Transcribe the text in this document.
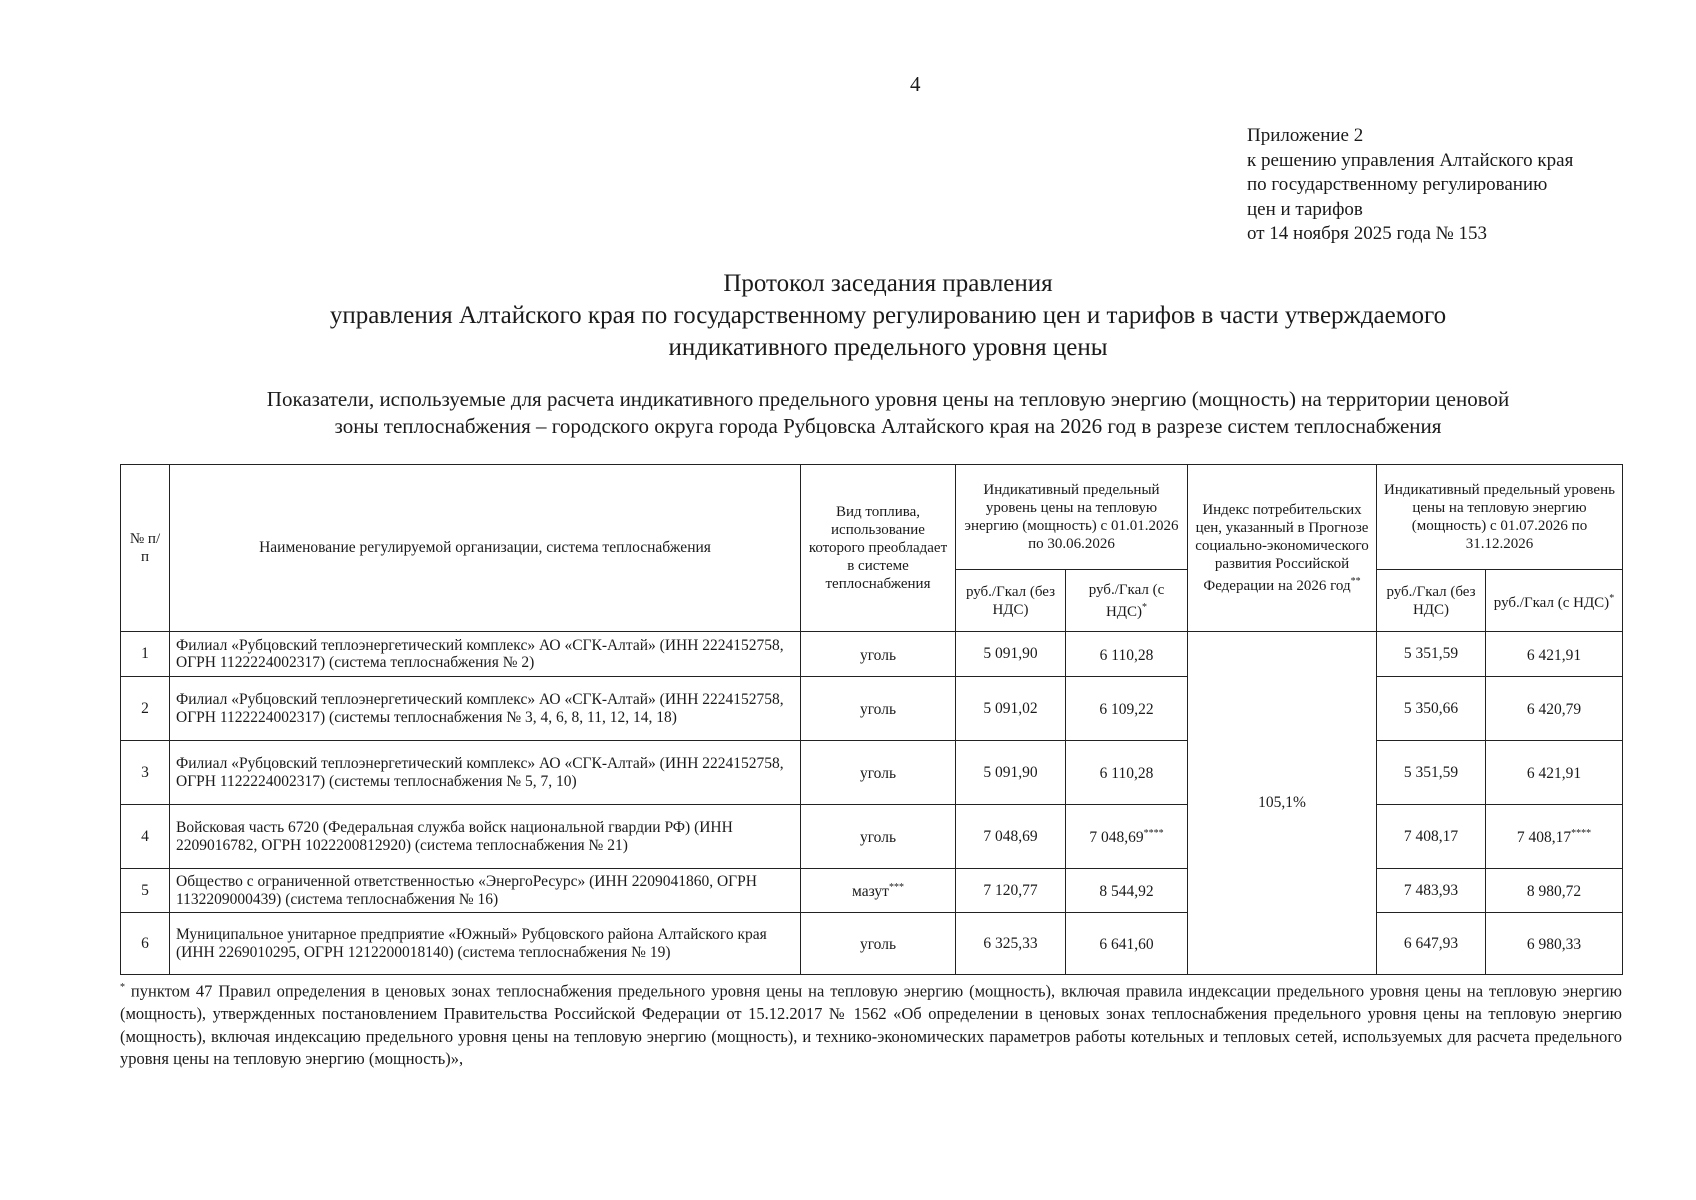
4
Приложение 2
к решению управления Алтайского края
по государственному регулированию
цен и тарифов
от 14 ноября 2025 года № 153
Протокол заседания правления
управления Алтайского края по государственному регулированию цен и тарифов в части утверждаемого
индикативного предельного уровня цены
Показатели, используемые для расчета индикативного предельного уровня цены на тепловую энергию (мощность) на территории ценовой
зоны теплоснабжения – городского округа города Рубцовска Алтайского края на 2026 год в разрезе систем теплоснабжения
№ п/п	Наименование регулируемой организации, система теплоснабжения	Вид топлива, использование которого преобладает в системе теплоснабжения	Индикативный предельный уровень цены на тепловую энергию (мощность) с 01.01.2026 по 30.06.2026		Индекс потребительских цен, указанный в Прогнозе социально-экономического развития Российской Федерации на 2026 год**	Индикативный предельный уровень цены на тепловую энергию (мощность) с 01.07.2026 по 31.12.2026	
			руб./Гкал (без НДС)	руб./Гкал (с НДС)*		руб./Гкал (без НДС)	руб./Гкал (с НДС)*
1	Филиал «Рубцовский теплоэнергетический комплекс» АО «СГК-Алтай» (ИНН 2224152758, ОГРН 1122224002317) (система теплоснабжения № 2)	уголь	5 091,90	6 110,28	105,1%	5 351,59	6 421,91
2	Филиал «Рубцовский теплоэнергетический комплекс» АО «СГК-Алтай» (ИНН 2224152758, ОГРН 1122224002317) (системы теплоснабжения № 3, 4, 6, 8, 11, 12, 14, 18)	уголь	5 091,02	6 109,22		5 350,66	6 420,79
3	Филиал «Рубцовский теплоэнергетический комплекс» АО «СГК-Алтай» (ИНН 2224152758, ОГРН 1122224002317) (системы теплоснабжения № 5, 7, 10)	уголь	5 091,90	6 110,28		5 351,59	6 421,91
4	Войсковая часть 6720 (Федеральная служба войск национальной гвардии РФ) (ИНН 2209016782, ОГРН 1022200812920) (система теплоснабжения № 21)	уголь	7 048,69	7 048,69****		7 408,17	7 408,17****
5	Общество с ограниченной ответственностью «ЭнергоРесурс» (ИНН 2209041860, ОГРН 1132209000439) (система теплоснабжения № 16)	мазут***	7 120,77	8 544,92		7 483,93	8 980,72
6	Муниципальное унитарное предприятие «Южный» Рубцовского района Алтайского края (ИНН 2269010295, ОГРН 1212200018140) (система теплоснабжения № 19)	уголь	6 325,33	6 641,60		6 647,93	6 980,33
* пунктом 47 Правил определения в ценовых зонах теплоснабжения предельного уровня цены на тепловую энергию (мощность), включая правила индексации предельного уровня цены на тепловую энергию (мощность), утвержденных постановлением Правительства Российской Федерации от 15.12.2017 № 1562 «Об определении в ценовых зонах теплоснабжения предельного уровня цены на тепловую энергию (мощность), включая индексацию предельного уровня цены на тепловую энергию (мощность), и технико-экономических параметров работы котельных и тепловых сетей, используемых для расчета предельного уровня цены на тепловую энергию (мощность)»,
